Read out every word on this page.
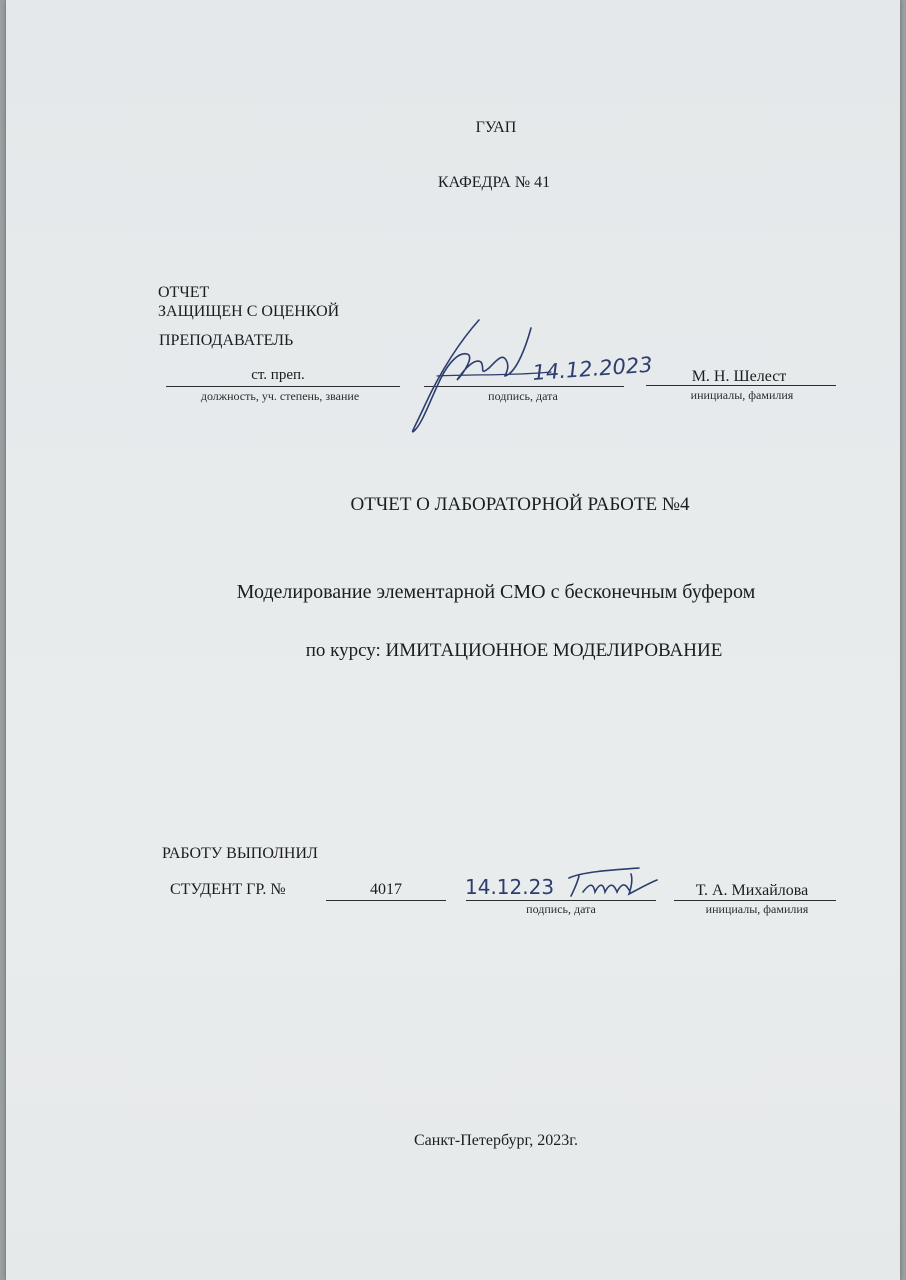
ГУАП
КАФЕДРА № 41
ОТЧЕТ
ЗАЩИЩЕН С ОЦЕНКОЙ
ПРЕПОДАВАТЕЛЬ
ст. преп.
должность, уч. степень, звание	подпись, дата
М. Н. Шелест
инициалы, фамилия
14.12.2023
ОТЧЕТ О ЛАБОРАТОРНОЙ РАБОТЕ №4
Моделирование элементарной СМО с бесконечным буфером
по курсу: ИМИТАЦИОННОЕ МОДЕЛИРОВАНИЕ
РАБОТУ ВЫПОЛНИЛ
СТУДЕНТ ГР. №	4017
подпись, дата
Т. А. Михайлова
инициалы, фамилия
14.12.23
Санкт-Петербург, 2023г.
